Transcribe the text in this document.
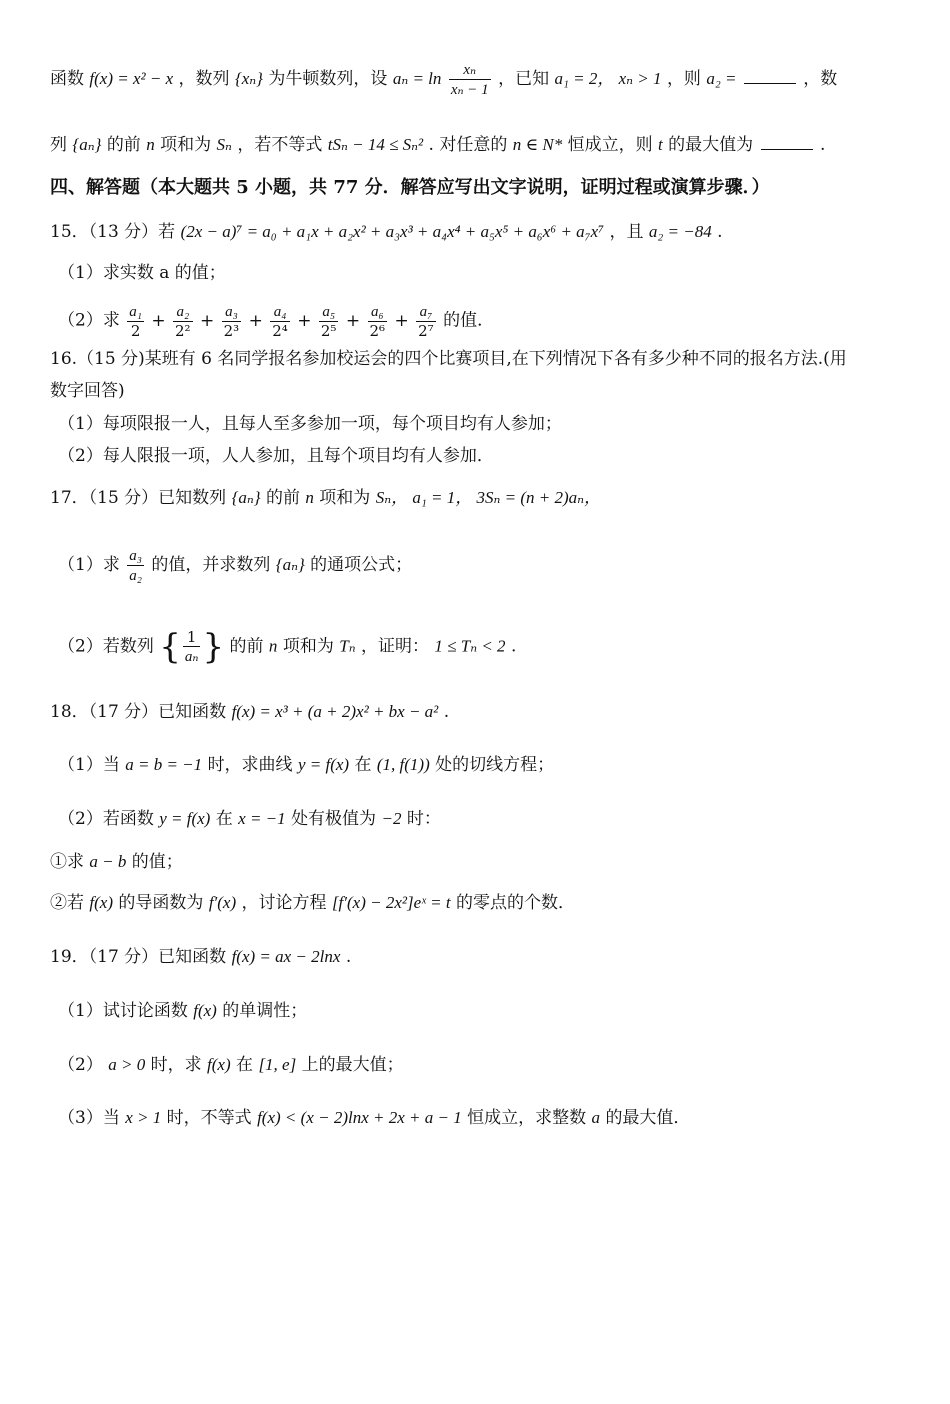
函数 f(x) = x² − x ，数列 {xₙ} 为牛顿数列，设 $a_n = \ln \frac{\text{xₙ}}{\text{xₙ − 1}}$ ，已知 a₁ = 2， xₙ > 1 ，则 a₂ =	，数
列 {aₙ} 的前 n 项和为 Sₙ ，若不等式 tSₙ − 14 ≤ Sₙ² . 对任意的 n ∈ N* 恒成立，则 t 的最大值为	.
四、解答题（本大题共 5 小题，共 77 分．解答应写出文字说明，证明过程或演算步骤．）
15．（13 分）若 (2x − a)⁷ = a₀ + a₁x + a₂x² + a₃x³ + a₄x⁴ + a₅x⁵ + a₆x⁶ + a₇x⁷ ，且 a₂ = −84 .
（1）求实数 a 的值；
（2）求 $\frac{\text{a₁}}{2} + \frac{\text{a₂}}{\text{2²}} + \frac{\text{a₃}}{\text{2³}} + \frac{\text{a₄}}{\text{2⁴}} + \frac{\text{a₅}}{\text{2⁵}} + \frac{\text{a₆}}{\text{2⁶}} + \frac{\text{a₇}}{\text{2⁷}}$ 的值．
16.（15 分)某班有 6 名同学报名参加校运会的四个比赛项目,在下列情况下各有多少种不同的报名方法.(用
数字回答)
（1）每项限报一人，且每人至多参加一项，每个项目均有人参加；
（2）每人限报一项，人人参加，且每个项目均有人参加．
17．（15 分）已知数列 {aₙ} 的前 n 项和为 Sₙ， a₁ = 1， 3Sₙ = (n + 2)aₙ，
（1）求 $\frac{\text{a₃}}{\text{a₂}}$ 的值，并求数列 {aₙ} 的通项公式；
（2）若数列 { $\frac{1}{\text{aₙ}}$ } 的前 n 项和为 Tₙ ，证明： 1 ≤ Tₙ < 2 .
18．（17 分）已知函数 f(x) = x³ + (a + 2)x² + bx − a² .
（1）当 a = b = −1 时，求曲线 y = f(x) 在 (1, f(1)) 处的切线方程；
（2）若函数 y = f(x) 在 x = −1 处有极值为 −2 时：
①求 a − b 的值；
②若 f(x) 的导函数为 f′(x) ，讨论方程 [f′(x) − 2x²]eˣ = t 的零点的个数．
19．（17 分）已知函数 f(x) = ax − 2lnx .
（1）试讨论函数 f(x) 的单调性；
（2） a > 0 时，求 f(x) 在 [1, e] 上的最大值；
（3）当 x > 1 时，不等式 f(x) < (x − 2)lnx + 2x + a − 1 恒成立，求整数 a 的最大值．
